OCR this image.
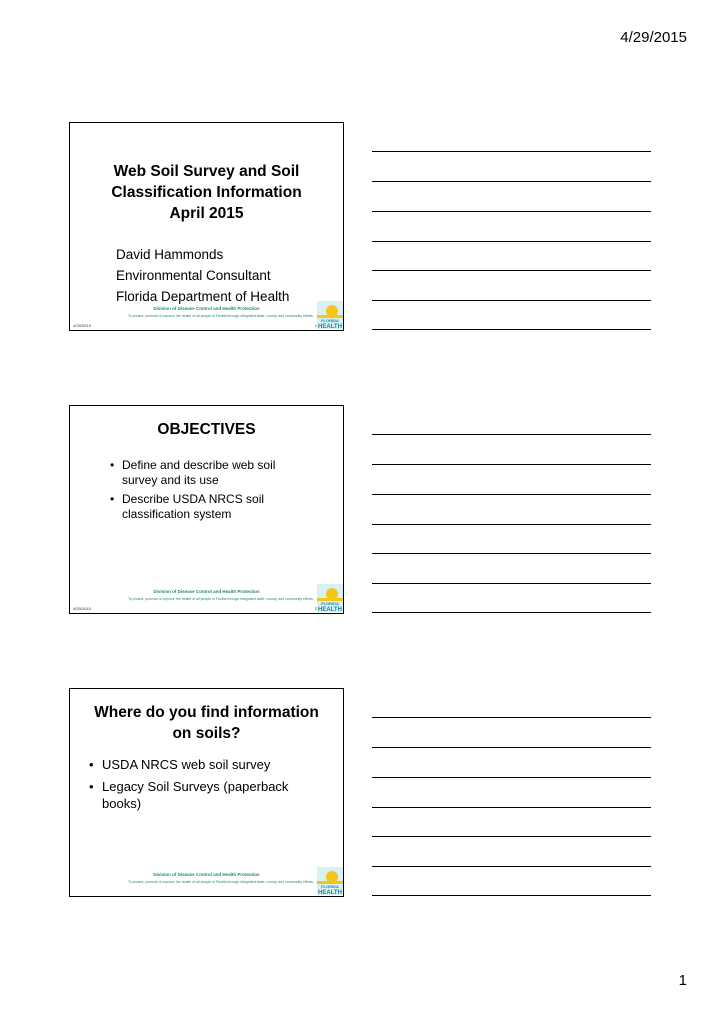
4/29/2015
Web Soil Survey and Soil
Classification Information
April 2015
David Hammonds
Environmental Consultant
Florida Department of Health
Division of Disease Control and Health Protection
To protect, promote & improve the health of all people in Florida through integrated state, county, and community efforts.
4/29/2015	1
FLORIDA
HEALTH
OBJECTIVES
• Define and describe web soil survey and its use
• Describe USDA NRCS soil classification system
Division of Disease Control and Health Protection
To protect, promote & improve the health of all people in Florida through integrated state, county, and community efforts.
4/29/2015	2
FLORIDA
HEALTH
Where do you find information
on soils?
• USDA NRCS web soil survey
• Legacy Soil Surveys (paperback books)
Division of Disease Control and Health Protection
To protect, promote & improve the health of all people in Florida through integrated state, county, and community efforts.
FLORIDA
HEALTH
1
